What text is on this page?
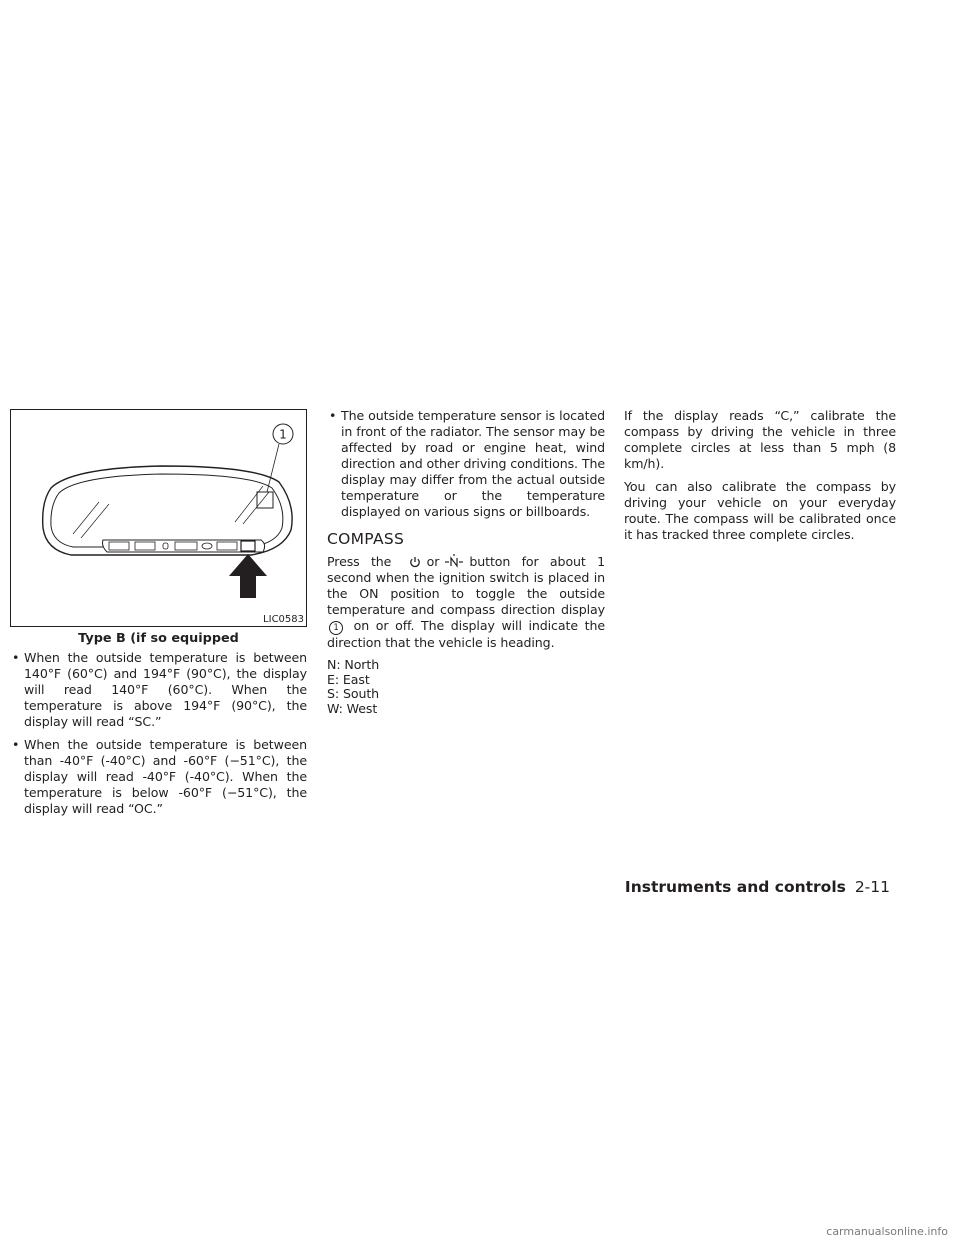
1
LIC0583
Type B (if so equipped
• When the outside temperature is between 140°F (60°C) and 194°F (90°C), the display will read 140°F (60°C). When the temperature is above 194°F (90°C), the display will read “SC.”
• When the outside temperature is between than -40°F (-40°C) and -60°F (−51°C), the display will read -40°F (-40°C). When the temperature is below -60°F (−51°C), the display will read “OC.”
• The outside temperature sensor is located in front of the radiator. The sensor may be affected by road or engine heat, wind direction and other driving conditions. The display may differ from the actual outside temperature or the temperature displayed on various signs or billboards.
COMPASS

Press the	or button for about 1 second when the ignition switch is placed in the ON position to toggle the outside temperature and compass direction display 1 on or off. The display will indicate the direction that the vehicle is heading.

N: North
E: East
S: South
W: West

If the display reads “C,” calibrate the compass by driving the vehicle in three complete circles at less than 5 mph (8 km/h).

You can also calibrate the compass by driving your vehicle on your everyday route. The compass will be calibrated once it has tracked three complete circles.

Instruments and controls 2-11
carmanualsonline.info
